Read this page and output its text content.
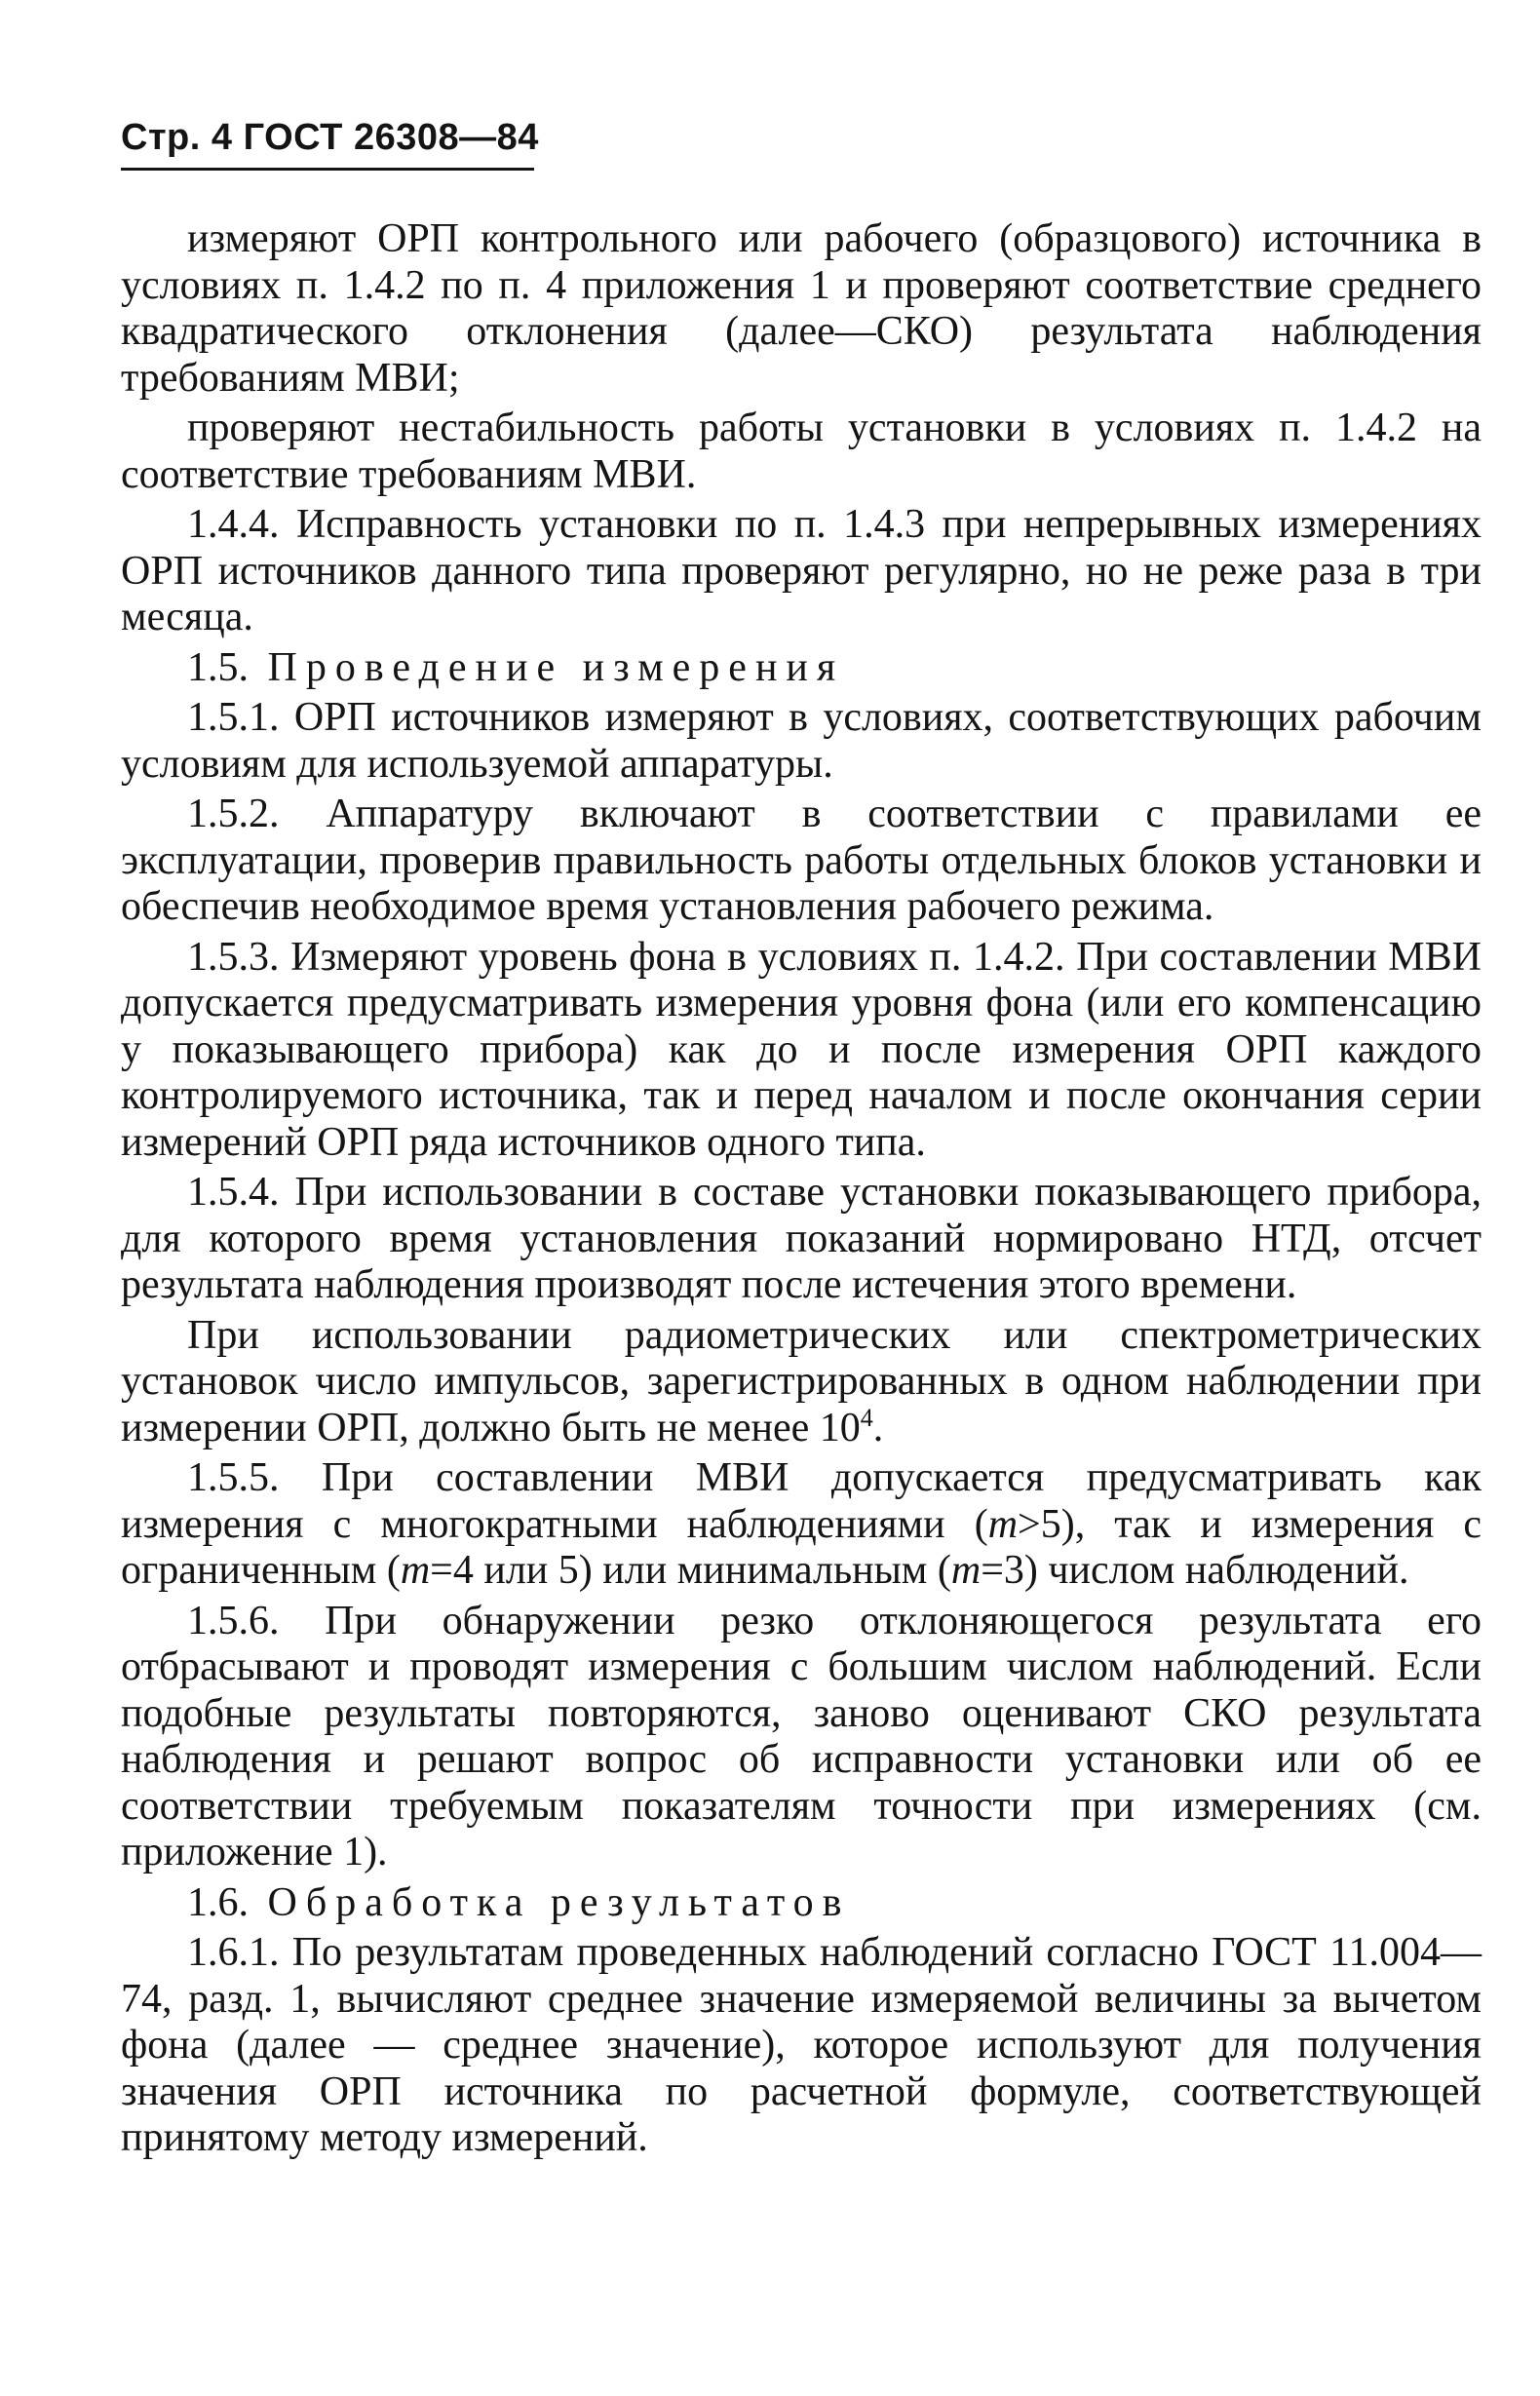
Стр. 4 ГОСТ 26308—84

измеряют ОРП контрольного или рабочего (образцового) источника в условиях п. 1.4.2 по п. 4 приложения 1 и проверяют соответствие среднего квадратического отклонения (далее—СКО) результата наблюдения требованиям МВИ;

проверяют нестабильность работы установки в условиях п. 1.4.2 на соответствие требованиям МВИ.

1.4.4. Исправность установки по п. 1.4.3 при непрерывных измерениях ОРП источников данного типа проверяют регулярно, но не реже раза в три месяца.

1.5. Проведение измерения

1.5.1. ОРП источников измеряют в условиях, соответствующих рабочим условиям для используемой аппаратуры.

1.5.2. Аппаратуру включают в соответствии с правилами ее эксплуатации, проверив правильность работы отдельных блоков установки и обеспечив необходимое время установления рабочего режима.

1.5.3. Измеряют уровень фона в условиях п. 1.4.2. При составлении МВИ допускается предусматривать измерения уровня фона (или его компенсацию у показывающего прибора) как до и после измерения ОРП каждого контролируемого источника, так и перед началом и после окончания серии измерений ОРП ряда источников одного типа.

1.5.4. При использовании в составе установки показывающего прибора, для которого время установления показаний нормировано НТД, отсчет результата наблюдения производят после истечения этого времени.

При использовании радиометрических или спектрометрических установок число импульсов, зарегистрированных в одном наблюдении при измерении ОРП, должно быть не менее $10^4$.

1.5.5. При составлении МВИ допускается предусматривать как измерения с многократными наблюдениями (m>5), так и измерения с ограниченным (m=4 или 5) или минимальным (m=3) числом наблюдений.

1.5.6. При обнаружении резко отклоняющегося результата его отбрасывают и проводят измерения с большим числом наблюдений. Если подобные результаты повторяются, заново оценивают СКО результата наблюдения и решают вопрос об исправности установки или об ее соответствии требуемым показателям точности при измерениях (см. приложение 1).

1.6. Обработка результатов

1.6.1. По результатам проведенных наблюдений согласно ГОСТ 11.004—74, разд. 1, вычисляют среднее значение измеряемой величины за вычетом фона (далее — среднее значение), которое используют для получения значения ОРП источника по расчетной формуле, соответствующей принятому методу измерений.
